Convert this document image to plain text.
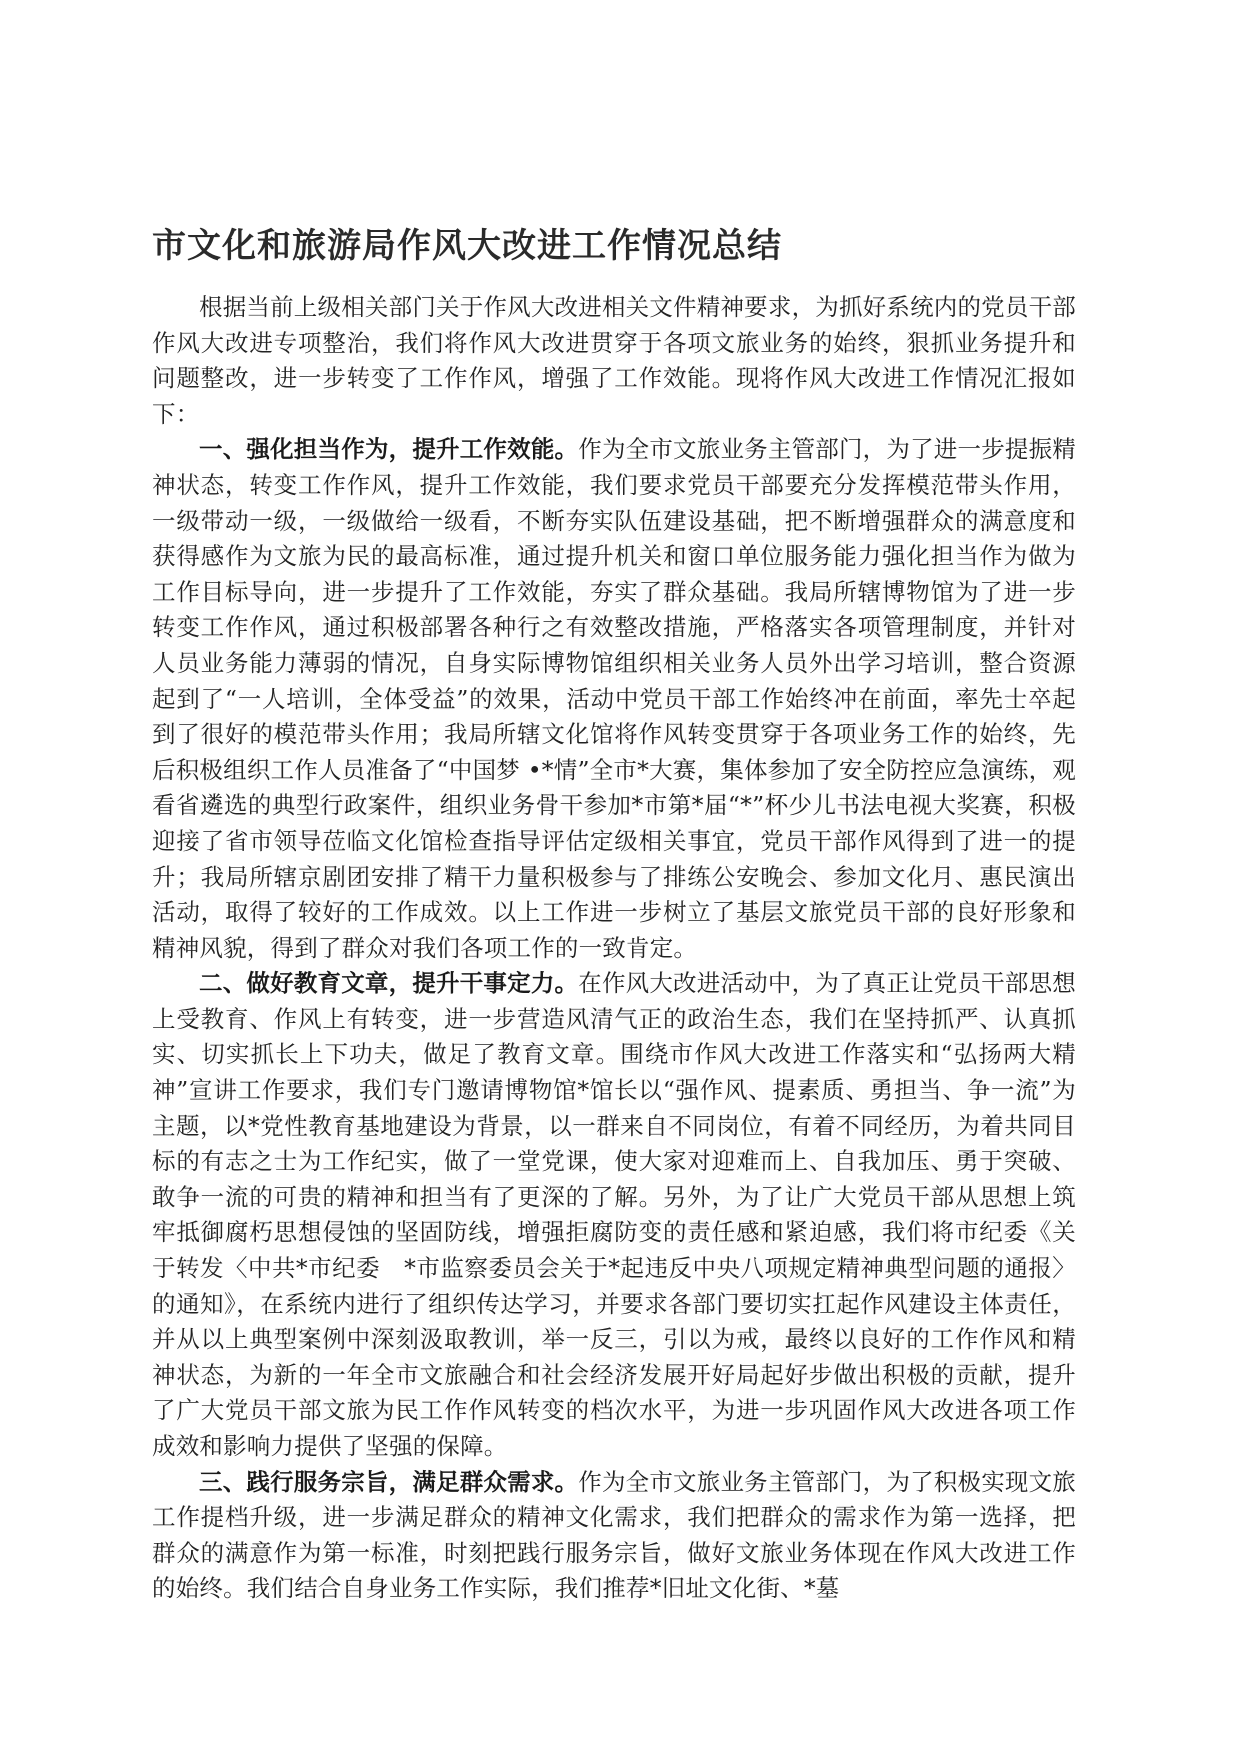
市文化和旅游局作风大改进工作情况总结

根据当前上级相关部门关于作风大改进相关文件精神要求，为抓好系统内的党员干部作风大改进专项整治，我们将作风大改进贯穿于各项文旅业务的始终，狠抓业务提升和问题整改，进一步转变了工作作风，增强了工作效能。现将作风大改进工作情况汇报如下：

一、强化担当作为，提升工作效能。作为全市文旅业务主管部门，为了进一步提振精神状态，转变工作作风，提升工作效能，我们要求党员干部要充分发挥模范带头作用，一级带动一级，一级做给一级看，不断夯实队伍建设基础，把不断增强群众的满意度和获得感作为文旅为民的最高标准，通过提升机关和窗口单位服务能力强化担当作为做为工作目标导向，进一步提升了工作效能，夯实了群众基础。我局所辖博物馆为了进一步转变工作作风，通过积极部署各种行之有效整改措施，严格落实各项管理制度，并针对人员业务能力薄弱的情况，自身实际博物馆组织相关业务人员外出学习培训，整合资源起到了“一人培训，全体受益”的效果，活动中党员干部工作始终冲在前面，率先士卒起到了很好的模范带头作用；我局所辖文化馆将作风转变贯穿于各项业务工作的始终，先后积极组织工作人员准备了“中国梦 •*情”全市*大赛，集体参加了安全防控应急演练，观看省遴选的典型行政案件，组织业务骨干参加*市第*届“*”杯少儿书法电视大奖赛，积极迎接了省市领导莅临文化馆检查指导评估定级相关事宜，党员干部作风得到了进一的提升；我局所辖京剧团安排了精干力量积极参与了排练公安晚会、参加文化月、惠民演出活动，取得了较好的工作成效。以上工作进一步树立了基层文旅党员干部的良好形象和精神风貌，得到了群众对我们各项工作的一致肯定。

二、做好教育文章，提升干事定力。在作风大改进活动中，为了真正让党员干部思想上受教育、作风上有转变，进一步营造风清气正的政治生态，我们在坚持抓严、认真抓实、切实抓长上下功夫，做足了教育文章。围绕市作风大改进工作落实和“弘扬两大精神”宣讲工作要求，我们专门邀请博物馆*馆长以“强作风、提素质、勇担当、争一流”为主题，以*党性教育基地建设为背景，以一群来自不同岗位，有着不同经历，为着共同目标的有志之士为工作纪实，做了一堂党课，使大家对迎难而上、自我加压、勇于突破、敢争一流的可贵的精神和担当有了更深的了解。另外，为了让广大党员干部从思想上筑牢抵御腐朽思想侵蚀的坚固防线，增强拒腐防变的责任感和紧迫感，我们将市纪委《关于转发〈中共*市纪委　*市监察委员会关于*起违反中央八项规定精神典型问题的通报〉的通知》，在系统内进行了组织传达学习，并要求各部门要切实扛起作风建设主体责任，并从以上典型案例中深刻汲取教训，举一反三，引以为戒，最终以良好的工作作风和精神状态，为新的一年全市文旅融合和社会经济发展开好局起好步做出积极的贡献，提升了广大党员干部文旅为民工作作风转变的档次水平，为进一步巩固作风大改进各项工作成效和影响力提供了坚强的保障。

三、践行服务宗旨，满足群众需求。作为全市文旅业务主管部门，为了积极实现文旅工作提档升级，进一步满足群众的精神文化需求，我们把群众的需求作为第一选择，把群众的满意作为第一标准，时刻把践行服务宗旨，做好文旅业务体现在作风大改进工作的始终。我们结合自身业务工作实际，我们推荐*旧址文化街、*墓
